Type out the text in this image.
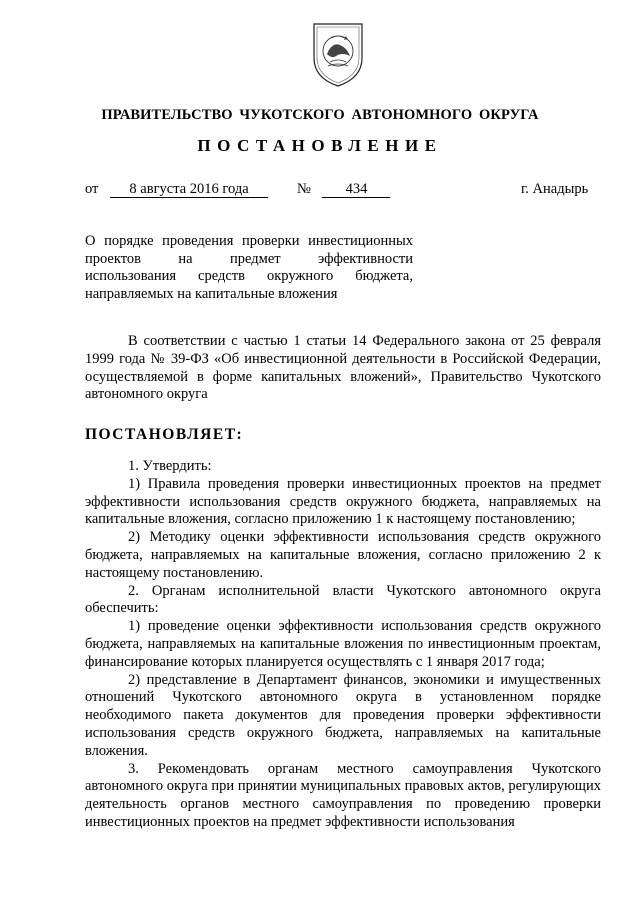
ПРАВИТЕЛЬСТВО ЧУКОТСКОГО АВТОНОМНОГО ОКРУГА
ПОСТАНОВЛЕНИЕ
от 8 августа 2016 года	№ 434	г. Анадырь
О порядке проведения проверки инвестиционных
проектов на предмет эффективности
использования средств окружного бюджета,
направляемых на капитальные вложения

В соответствии с частью 1 статьи 14 Федерального закона от 25 февраля 1999 года № 39-ФЗ «Об инвестиционной деятельности в Российской Федерации, осуществляемой в форме капитальных вложений», Правительство Чукотского автономного округа

ПОСТАНОВЛЯЕТ:

1. Утвердить:

1) Правила проведения проверки инвестиционных проектов на предмет эффективности использования средств окружного бюджета, направляемых на капитальные вложения, согласно приложению 1 к настоящему постановлению;

2) Методику оценки эффективности использования средств окружного бюджета, направляемых на капитальные вложения, согласно приложению 2 к настоящему постановлению.

2. Органам исполнительной власти Чукотского автономного округа обеспечить:

1) проведение оценки эффективности использования средств окружного бюджета, направляемых на капитальные вложения по инвестиционным проектам, финансирование которых планируется осуществлять с 1 января 2017 года;

2) представление в Департамент финансов, экономики и имущественных отношений Чукотского автономного округа в установленном порядке необходимого пакета документов для проведения проверки эффективности использования средств окружного бюджета, направляемых на капитальные вложения.

3. Рекомендовать органам местного самоуправления Чукотского автономного округа при принятии муниципальных правовых актов, регулирующих деятельность органов местного самоуправления по проведению проверки инвестиционных проектов на предмет эффективности использования
